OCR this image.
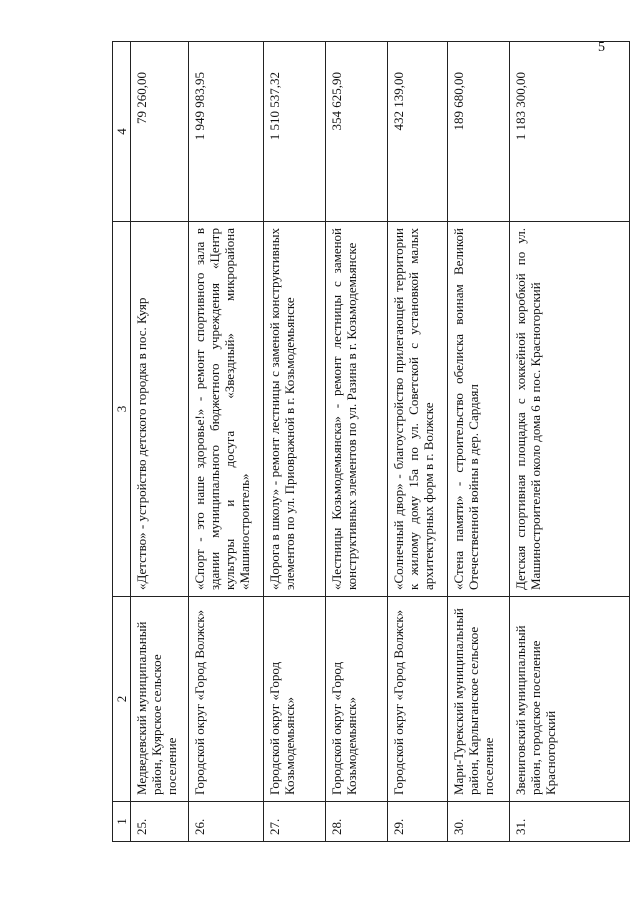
5
1	2	3	4
25.	Медведевский муниципальный район, Куярское сельское поселение	«Детство» - устройство детского городка в пос. Куяр	79 260,00
26.	Городской округ «Город Волжск»	«Спорт - это наше здоровье!» - ремонт спортивного зала в здании муниципального бюджетного учреждения «Центр культуры и досуга «Звездный» микрорайона «Машиностроитель»	1 949 983,95
27.	Городской округ «Город Козьмодемьянск»	«Дорога в школу» - ремонт лестницы с заменой конструктивных элементов по ул. Приовражной в г. Козьмодемьянске	1 510 537,32
28.	Городской округ «Город Козьмодемьянск»	«Лестницы Козьмодемьянска» - ремонт лестницы с заменой конструктивных элементов по ул. Разина в г. Козьмодемьянске	354 625,90
29.	Городской округ «Город Волжск»	«Солнечный двор» - благоустройство прилегающей территории к жилому дому 15а по ул. Советской с установкой малых архитектурных форм в г. Волжске	432 139,00
30.	Мари-Турекский муниципальный район, Карлыганское сельское поселение	«Стена памяти» - строительство обелиска воинам Великой Отечественной войны в дер. Сардаял	189 680,00
31.	Звениговский муниципальный район, городское поселение Красногорский	Детская спортивная площадка с хоккейной коробкой по ул. Машиностроителей около дома 6 в пос. Красногорский	1 183 300,00
